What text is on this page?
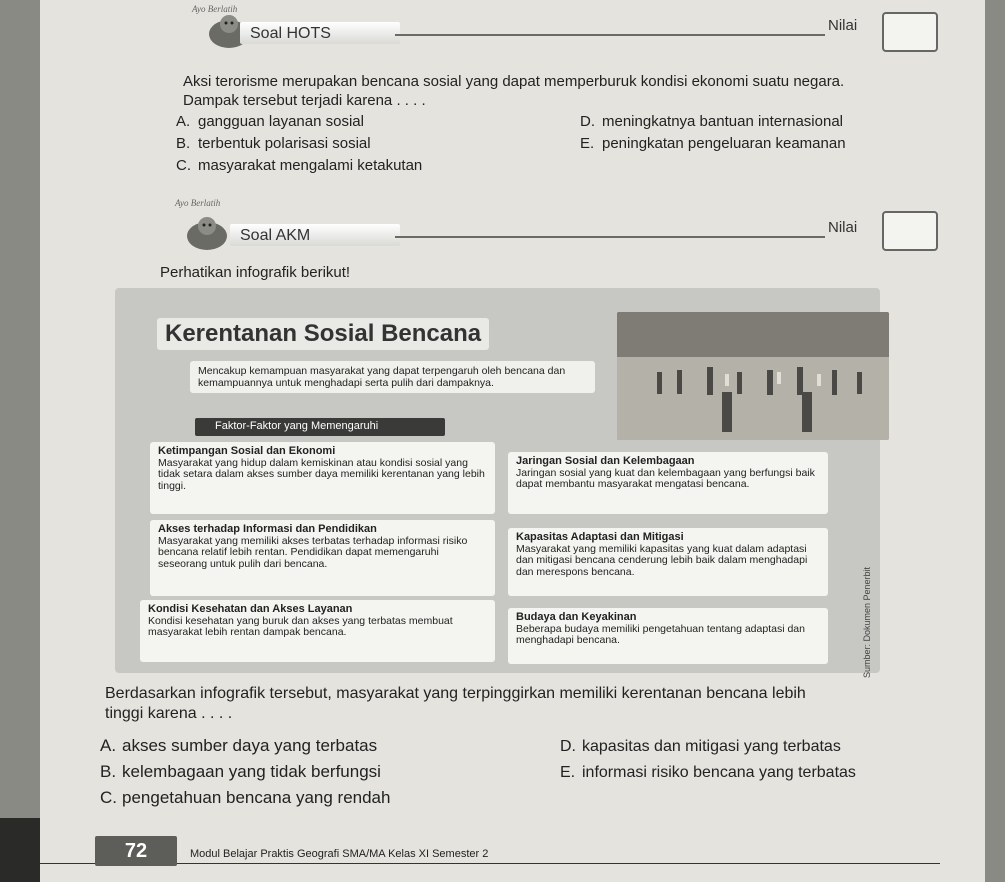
Ayo Berlatih
Soal HOTS	Nilai
Aksi terorisme merupakan bencana sosial yang dapat memperburuk kondisi ekonomi suatu negara.
Dampak tersebut terjadi karena . . . .
A. gangguan layanan sosial
B. terbentuk polarisasi sosial
C. masyarakat mengalami ketakutan
D. meningkatnya bantuan internasional
E. peningkatan pengeluaran keamanan
Ayo Berlatih
Soal AKM	Nilai
Perhatikan infografik berikut!
Kerentanan Sosial Bencana
Mencakup kemampuan masyarakat yang dapat terpengaruh oleh bencana dan kemampuannya untuk menghadapi serta pulih dari dampaknya.
Faktor-Faktor yang Memengaruhi
Ketimpangan Sosial dan Ekonomi
Masyarakat yang hidup dalam kemiskinan atau kondisi sosial yang tidak setara dalam akses sumber daya memiliki kerentanan yang lebih tinggi.
Jaringan Sosial dan Kelembagaan
Jaringan sosial yang kuat dan kelembagaan yang berfungsi baik dapat membantu masyarakat mengatasi bencana.
Akses terhadap Informasi dan Pendidikan
Masyarakat yang memiliki akses terbatas terhadap informasi risiko bencana relatif lebih rentan. Pendidikan dapat memengaruhi seseorang untuk pulih dari bencana.
Kapasitas Adaptasi dan Mitigasi
Masyarakat yang memiliki kapasitas yang kuat dalam adaptasi dan mitigasi bencana cenderung lebih baik dalam menghadapi dan merespons bencana.
Kondisi Kesehatan dan Akses Layanan
Kondisi kesehatan yang buruk dan akses yang terbatas membuat masyarakat lebih rentan dampak bencana.
Budaya dan Keyakinan
Beberapa budaya memiliki pengetahuan tentang adaptasi dan menghadapi bencana.	Sumber: Dokumen Penerbit
Berdasarkan infografik tersebut, masyarakat yang terpinggirkan memiliki kerentanan bencana lebih
tinggi karena . . . .
A. akses sumber daya yang terbatas
B. kelembagaan yang tidak berfungsi
C. pengetahuan bencana yang rendah
D. kapasitas dan mitigasi yang terbatas
E. informasi risiko bencana yang terbatas
72	Modul Belajar Praktis Geografi SMA/MA Kelas XI Semester 2
